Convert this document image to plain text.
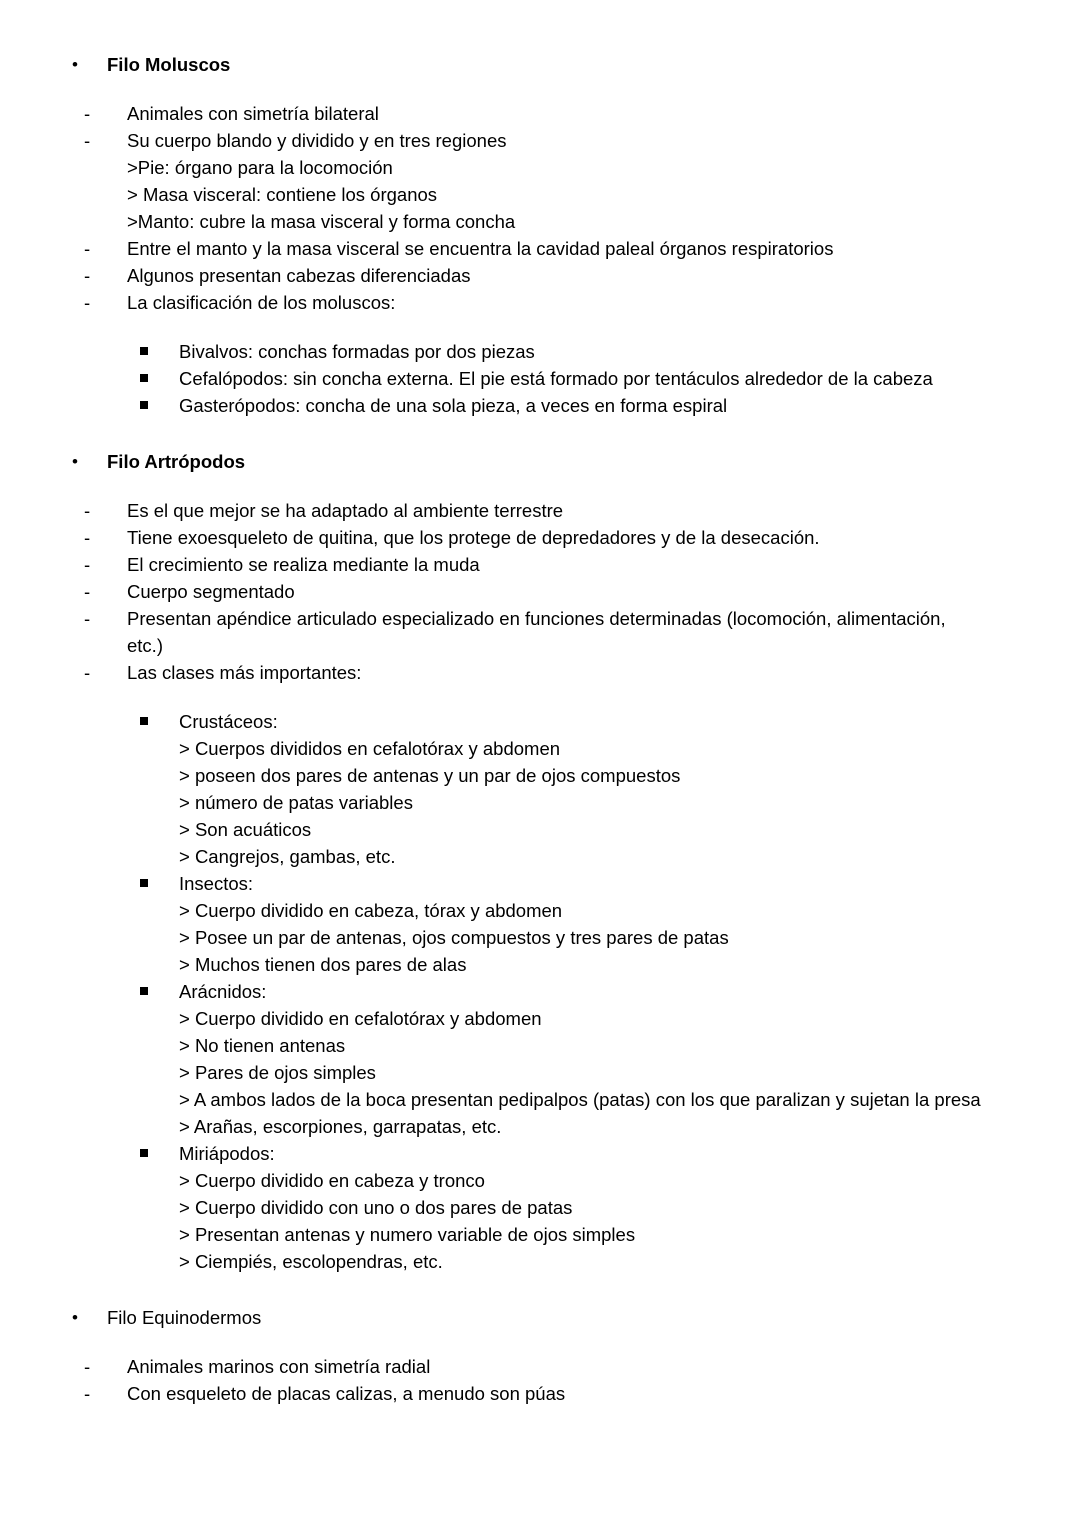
• Filo Moluscos
- Animales con simetría bilateral
- Su cuerpo blando y dividido y en tres regiones
>Pie: órgano para la locomoción
> Masa visceral: contiene los órganos
>Manto: cubre la masa visceral y forma concha
- Entre el manto y la masa visceral se encuentra la cavidad paleal órganos respiratorios
- Algunos presentan cabezas diferenciadas
- La clasificación de los moluscos:
Bivalvos: conchas formadas por dos piezas
Cefalópodos: sin concha externa. El pie está formado por tentáculos alrededor de la cabeza
Gasterópodos: concha de una sola pieza, a veces en forma espiral
• Filo Artrópodos
- Es el que mejor se ha adaptado al ambiente terrestre
- Tiene exoesqueleto de quitina, que los protege de depredadores y de la desecación.
- El crecimiento se realiza mediante la muda
- Cuerpo segmentado
- Presentan apéndice articulado especializado en funciones determinadas (locomoción, alimentación,
etc.)
- Las clases más importantes:
Crustáceos:
> Cuerpos divididos en cefalotórax y abdomen
> poseen dos pares de antenas y un par de ojos compuestos
> número de patas variables
> Son acuáticos
> Cangrejos, gambas, etc.
Insectos:
> Cuerpo dividido en cabeza, tórax y abdomen
> Posee un par de antenas, ojos compuestos y tres pares de patas
> Muchos tienen dos pares de alas
Arácnidos:
> Cuerpo dividido en cefalotórax y abdomen
> No tienen antenas
> Pares de ojos simples
> A ambos lados de la boca presentan pedipalpos (patas) con los que paralizan y sujetan la presa
> Arañas, escorpiones, garrapatas, etc.
Miriápodos:
> Cuerpo dividido en cabeza y tronco
> Cuerpo dividido con uno o dos pares de patas
> Presentan antenas y numero variable de ojos simples
> Ciempiés, escolopendras, etc.
• Filo Equinodermos
- Animales marinos con simetría radial
- Con esqueleto de placas calizas, a menudo son púas
